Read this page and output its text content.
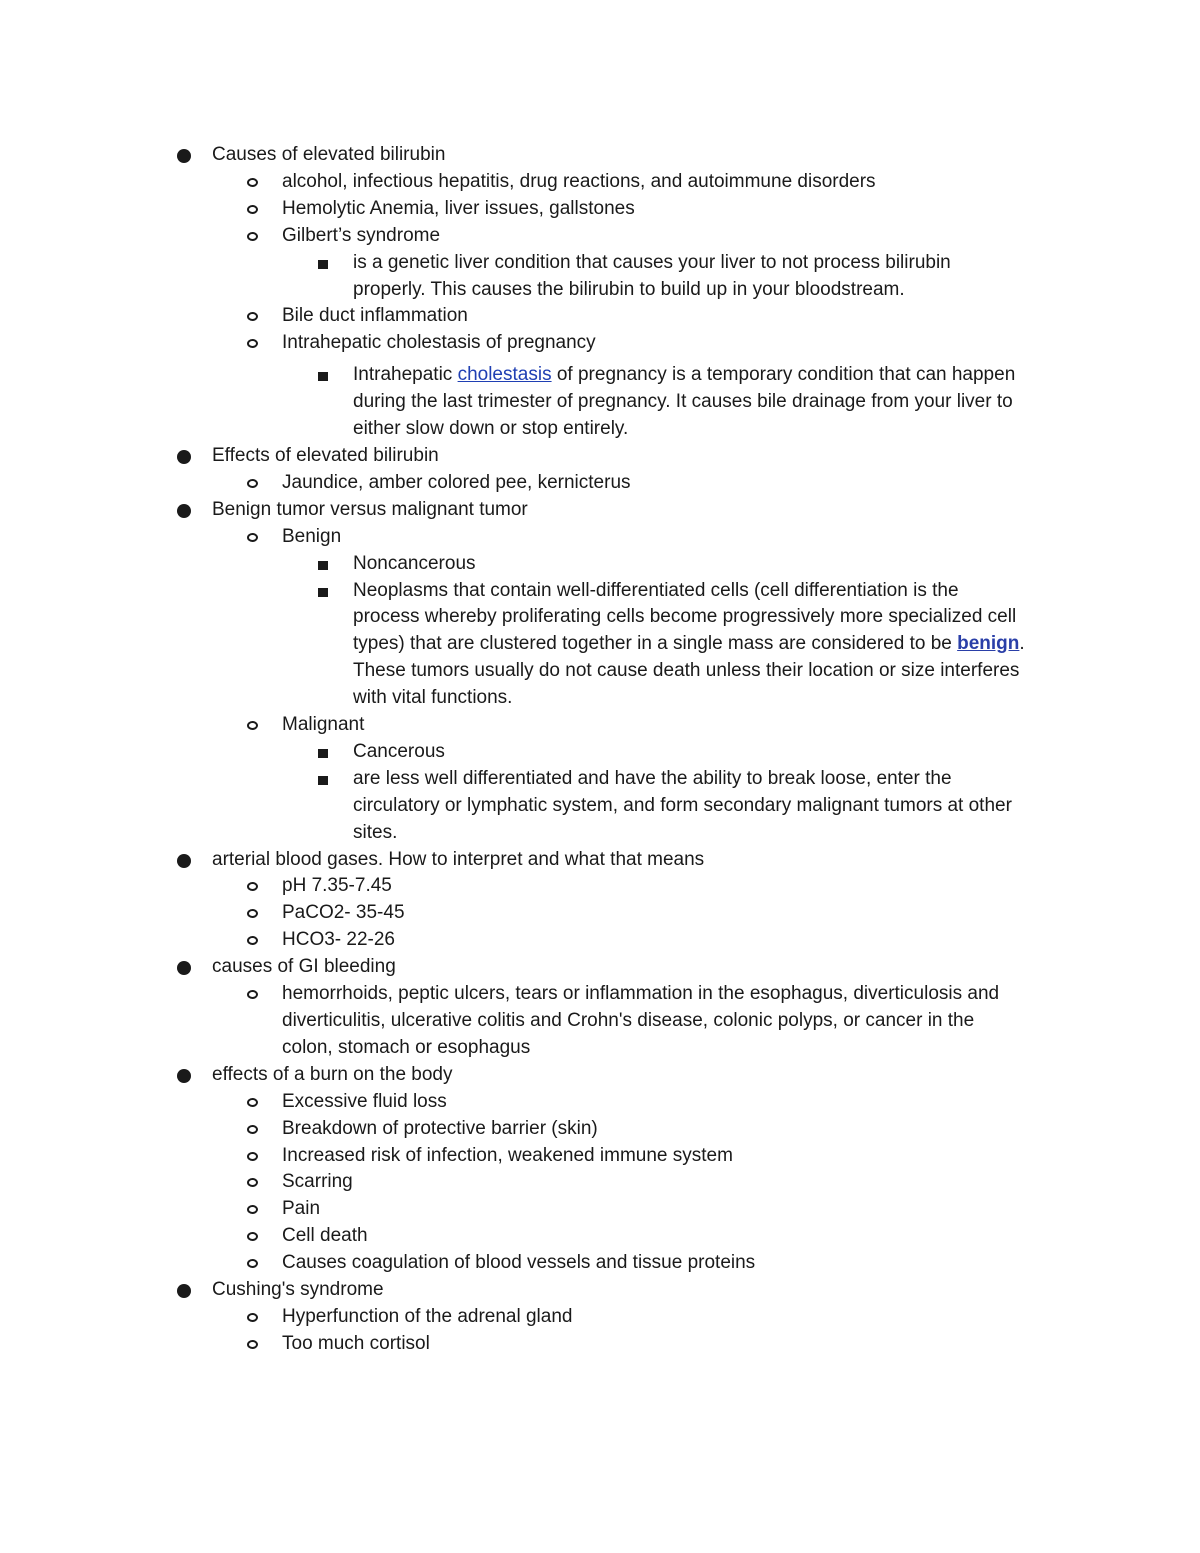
Causes of elevated bilirubin
alcohol, infectious hepatitis, drug reactions, and autoimmune disorders
Hemolytic Anemia, liver issues, gallstones
Gilbert’s syndrome
is a genetic liver condition that causes your liver to not process bilirubin
properly. This causes the bilirubin to build up in your bloodstream.
Bile duct inflammation
Intrahepatic cholestasis of pregnancy
Intrahepatic cholestasis of pregnancy is a temporary condition that can happen
during the last trimester of pregnancy. It causes bile drainage from your liver to
either slow down or stop entirely.
Effects of elevated bilirubin
Jaundice, amber colored pee, kernicterus
Benign tumor versus malignant tumor
Benign
Noncancerous
Neoplasms that contain well-differentiated cells (cell differentiation is the
process whereby proliferating cells become progressively more specialized cell
types) that are clustered together in a single mass are considered to be benign.
These tumors usually do not cause death unless their location or size interferes
with vital functions.
Malignant
Cancerous
are less well differentiated and have the ability to break loose, enter the
circulatory or lymphatic system, and form secondary malignant tumors at other
sites.
arterial blood gases. How to interpret and what that means
pH 7.35-7.45
PaCO2- 35-45
HCO3- 22-26
causes of GI bleeding
hemorrhoids, peptic ulcers, tears or inflammation in the esophagus, diverticulosis and
diverticulitis, ulcerative colitis and Crohn's disease, colonic polyps, or cancer in the
colon, stomach or esophagus
effects of a burn on the body
Excessive fluid loss
Breakdown of protective barrier (skin)
Increased risk of infection, weakened immune system
Scarring
Pain
Cell death
Causes coagulation of blood vessels and tissue proteins
Cushing's syndrome
Hyperfunction of the adrenal gland
Too much cortisol
